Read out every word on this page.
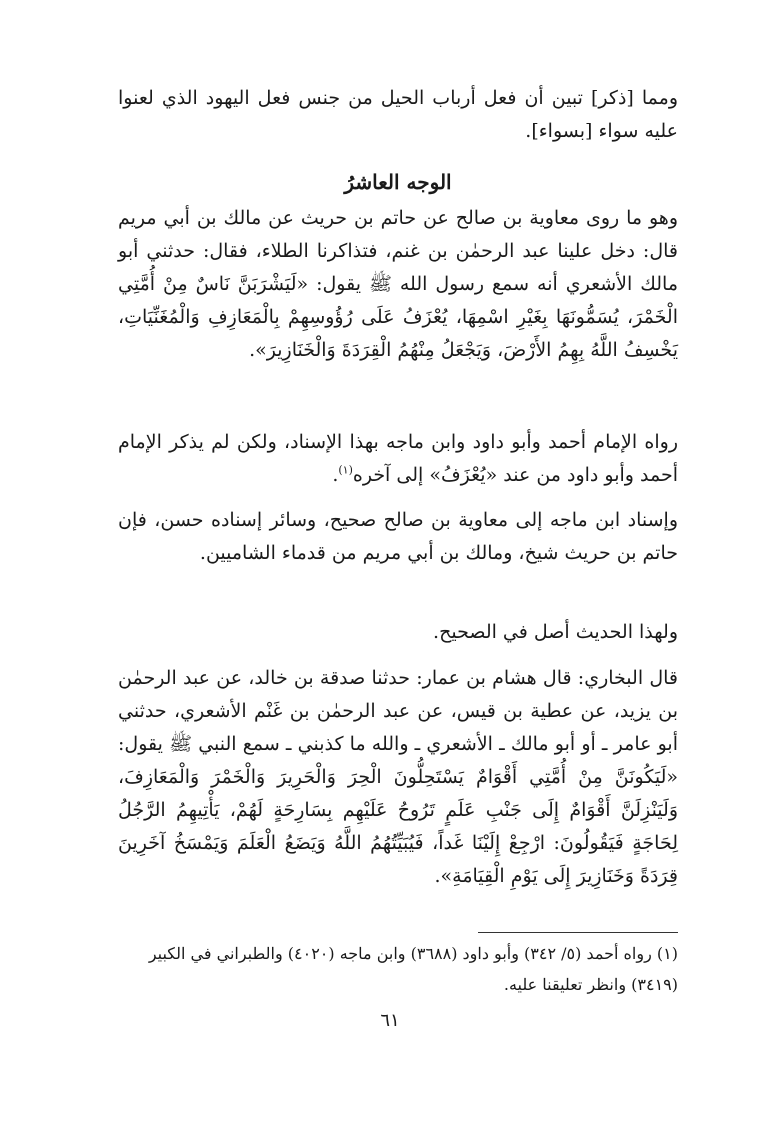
ومما [ذكر] تبين أن فعل أرباب الحيل من جنس فعل اليهود الذي لعنوا عليه سواء [بسواء].
الوجه العاشرُ
وهو ما روى معاوية بن صالح عن حاتم بن حريث عن مالك بن أبي مريم قال: دخل علينا عبد الرحمٰن بن غنم، فتذاكرنا الطلاء، فقال: حدثني أبو مالك الأشعري أنه سمع رسول الله ﷺ يقول: «لَيَشْرَبَنَّ نَاسٌ مِنْ أُمَّتِي الْخَمْرَ، يُسَمُّونَهَا بِغَيْرِ اسْمِهَا، يُعْزَفُ عَلَى رُؤُوسِهِمْ بِالْمَعَازِفِ وَالْمُغَنِّيَاتِ، يَخْسِفُ اللَّهُ بِهِمُ الأَرْضَ، وَيَجْعَلُ مِنْهُمُ الْقِرَدَةَ وَالْخَنَازِيرَ».
رواه الإمام أحمد وأبو داود وابن ماجه بهذا الإسناد، ولكن لم يذكر الإمام أحمد وأبو داود من عند «يُعْزَفُ» إلى آخره$^{(١)}$.
وإسناد ابن ماجه إلى معاوية بن صالح صحيح، وسائر إسناده حسن، فإن حاتم بن حريث شيخ، ومالك بن أبي مريم من قدماء الشاميين.
ولهذا الحديث أصل في الصحيح.
قال البخاري: قال هشام بن عمار: حدثنا صدقة بن خالد، عن عبد الرحمٰن بن يزيد، عن عطية بن قيس، عن عبد الرحمٰن بن غَنْم الأشعري، حدثني أبو عامر ـ أو أبو مالك ـ الأشعري ـ والله ما كذبني ـ سمع النبي ﷺ يقول: «لَيَكُونَنَّ مِنْ أُمَّتِي أَقْوَامٌ يَسْتَحِلُّونَ الْحِرَ وَالْحَرِيرَ وَالْخَمْرَ وَالْمَعَازِفَ، وَلَيَنْزِلَنَّ أَقْوَامٌ إِلَى جَنْبِ عَلَمٍ تَرُوحُ عَلَيْهِم بِسَارِحَةٍ لَهُمْ، يَأْتِيهِمُ الرَّجُلُ لِحَاجَةٍ فَيَقُولُونَ: ارْجِعْ إِلَيْنَا غَداً، فَيُبَيِّتُهُمُ اللَّهُ وَيَضَعُ الْعَلَمَ وَيَمْسَخُ آخَرِينَ قِرَدَةً وَخَنَازِيرَ إِلَى يَوْمِ الْقِيَامَةِ».
(١) رواه أحمد (٥/ ٣٤٢) وأبو داود (٣٦٨٨) وابن ماجه (٤٠٢٠) والطبراني في الكبير (٣٤١٩) وانظر تعليقنا عليه.
٦١
